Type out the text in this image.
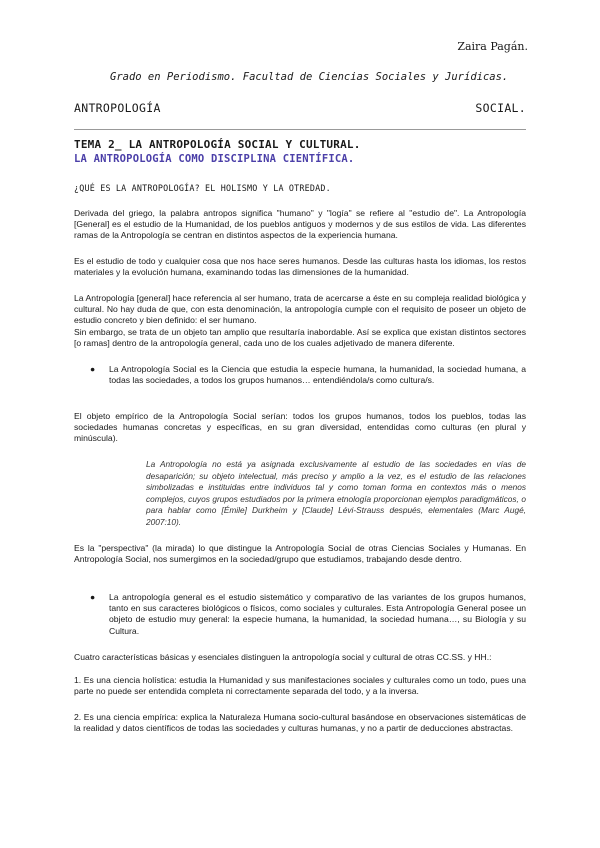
Zaira Pagán.
Grado en Periodismo. Facultad de Ciencias Sociales y Jurídicas.
ANTROPOLOGÍA	SOCIAL.
TEMA 2_ LA ANTROPOLOGÍA SOCIAL Y CULTURAL.
LA ANTROPOLOGÍA COMO DISCIPLINA CIENTÍFICA.
¿QUÉ ES LA ANTROPOLOGÍA? EL HOLISMO Y LA OTREDAD.

Derivada del griego, la palabra antropos significa "humano" y "logía" se refiere al "estudio de". La Antropología [General] es el estudio de la Humanidad, de los pueblos antiguos y modernos y de sus estilos de vida. Las diferentes ramas de la Antropología se centran en distintos aspectos de la experiencia humana.

Es el estudio de todo y cualquier cosa que nos hace seres humanos. Desde las culturas hasta los idiomas, los restos materiales y la evolución humana, examinando todas las dimensiones de la humanidad.

La Antropología [general] hace referencia al ser humano, trata de acercarse a éste en su compleja realidad biológica y cultural. No hay duda de que, con esta denominación, la antropología cumple con el requisito de poseer un objeto de estudio concreto y bien definido: el ser humano.

Sin embargo, se trata de un objeto tan amplio que resultaría inabordable. Así se explica que existan distintos sectores [o ramas] dentro de la antropología general, cada uno de los cuales adjetivado de manera diferente.

● La Antropología Social es la Ciencia que estudia la especie humana, la humanidad, la sociedad humana, a todas las sociedades, a todos los grupos humanos… entendiéndola/s como cultura/s.

El objeto empírico de la Antropología Social serían: todos los grupos humanos, todos los pueblos, todas las sociedades humanas concretas y específicas, en su gran diversidad, entendidas como culturas (en plural y minúscula).

La Antropología no está ya asignada exclusivamente al estudio de las sociedades en vías de desaparición; su objeto intelectual, más preciso y amplio a la vez, es el estudio de las relaciones simbolizadas e instituidas entre individuos tal y como toman forma en contextos más o menos complejos, cuyos grupos estudiados por la primera etnología proporcionan ejemplos paradigmáticos, o para hablar como [Émile] Durkheim y [Claude] Lévi-Strauss después, elementales (Marc Augé, 2007:10).

Es la "perspectiva" (la mirada) lo que distingue la Antropología Social de otras Ciencias Sociales y Humanas. En Antropología Social, nos sumergimos en la sociedad/grupo que estudiamos, trabajando desde dentro.

● La antropología general es el estudio sistemático y comparativo de las variantes de los grupos humanos, tanto en sus caracteres biológicos o físicos, como sociales y culturales. Esta Antropología General posee un objeto de estudio muy general: la especie humana, la humanidad, la sociedad humana…, su Biología y su Cultura.

Cuatro características básicas y esenciales distinguen la antropología social y cultural de otras CC.SS. y HH.:

1. Es una ciencia holística: estudia la Humanidad y sus manifestaciones sociales y culturales como un todo, pues una parte no puede ser entendida completa ni correctamente separada del todo, y a la inversa.

2. Es una ciencia empírica: explica la Naturaleza Humana socio-cultural basándose en observaciones sistemáticas de la realidad y datos científicos de todas las sociedades y culturas humanas, y no a partir de deducciones abstractas.
